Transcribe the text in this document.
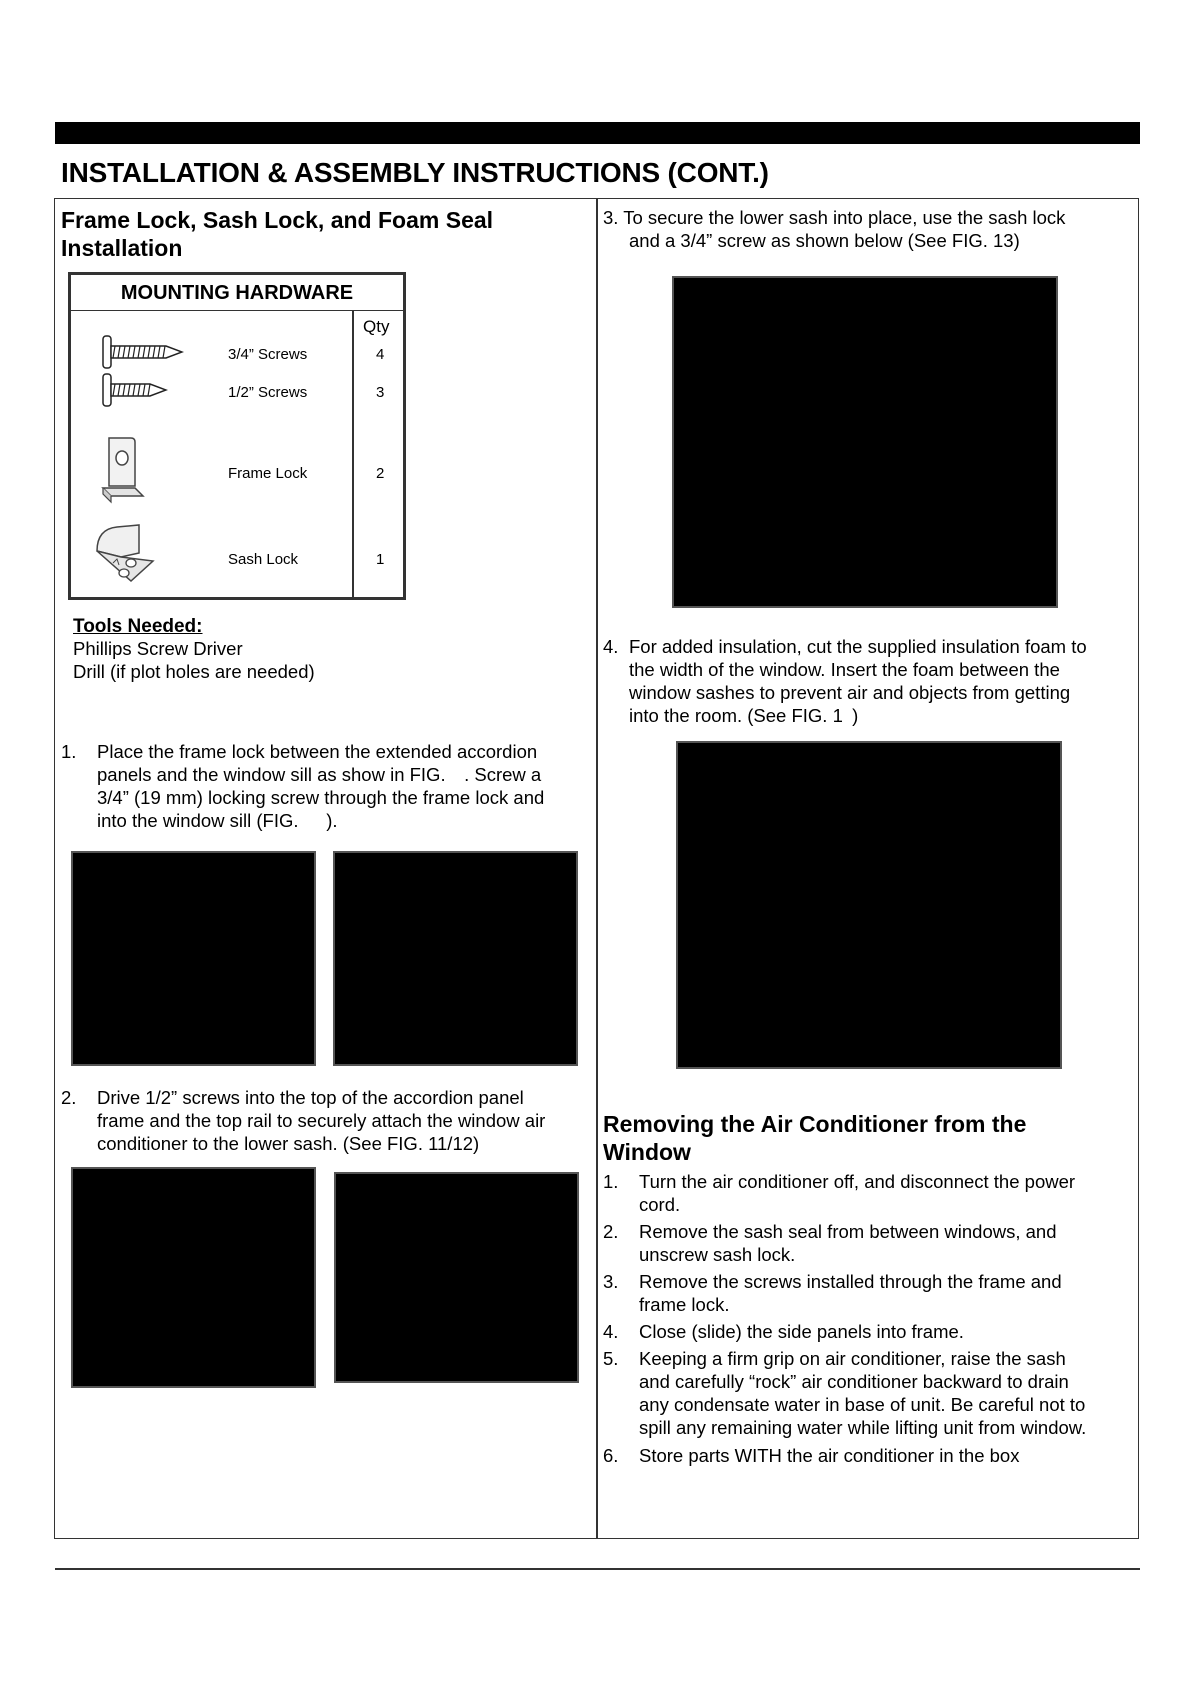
INSTALLATION & ASSEMBLY INSTRUCTIONS (CONT.)
Frame Lock, Sash Lock, and Foam Seal
Installation
MOUNTING HARDWARE
Qty
3/4” Screws	4
1/2” Screws	3
Frame Lock	2
Sash Lock	1
Tools Needed:
Phillips Screw Driver
Drill (if plot holes are needed)
1. Place the frame lock between the extended accordion
panels and the window sill as show in FIG. . Screw a
3/4” (19 mm) locking screw through the frame lock and
into the window sill (FIG.  ).
2. Drive 1/2” screws into the top of the accordion panel
frame and the top rail to securely attach the window air
conditioner to the lower sash. (See FIG. 11/12)
3. To secure the lower sash into place, use the sash lock
and a 3/4” screw as shown below (See FIG. 13)
4. For added insulation, cut the supplied insulation foam to
the width of the window. Insert the foam between the
window sashes to prevent air and objects from getting
into the room. (See FIG. 1 )
Removing the Air Conditioner from the
Window
1. Turn the air conditioner off, and disconnect the power
cord.
2. Remove the sash seal from between windows, and
unscrew sash lock.
3. Remove the screws installed through the frame and
frame lock.
4. Close (slide) the side panels into frame.
5. Keeping a firm grip on air conditioner, raise the sash
and carefully “rock” air conditioner backward to drain
any condensate water in base of unit. Be careful not to
spill any remaining water while lifting unit from window.
6. Store parts WITH the air conditioner in the box
